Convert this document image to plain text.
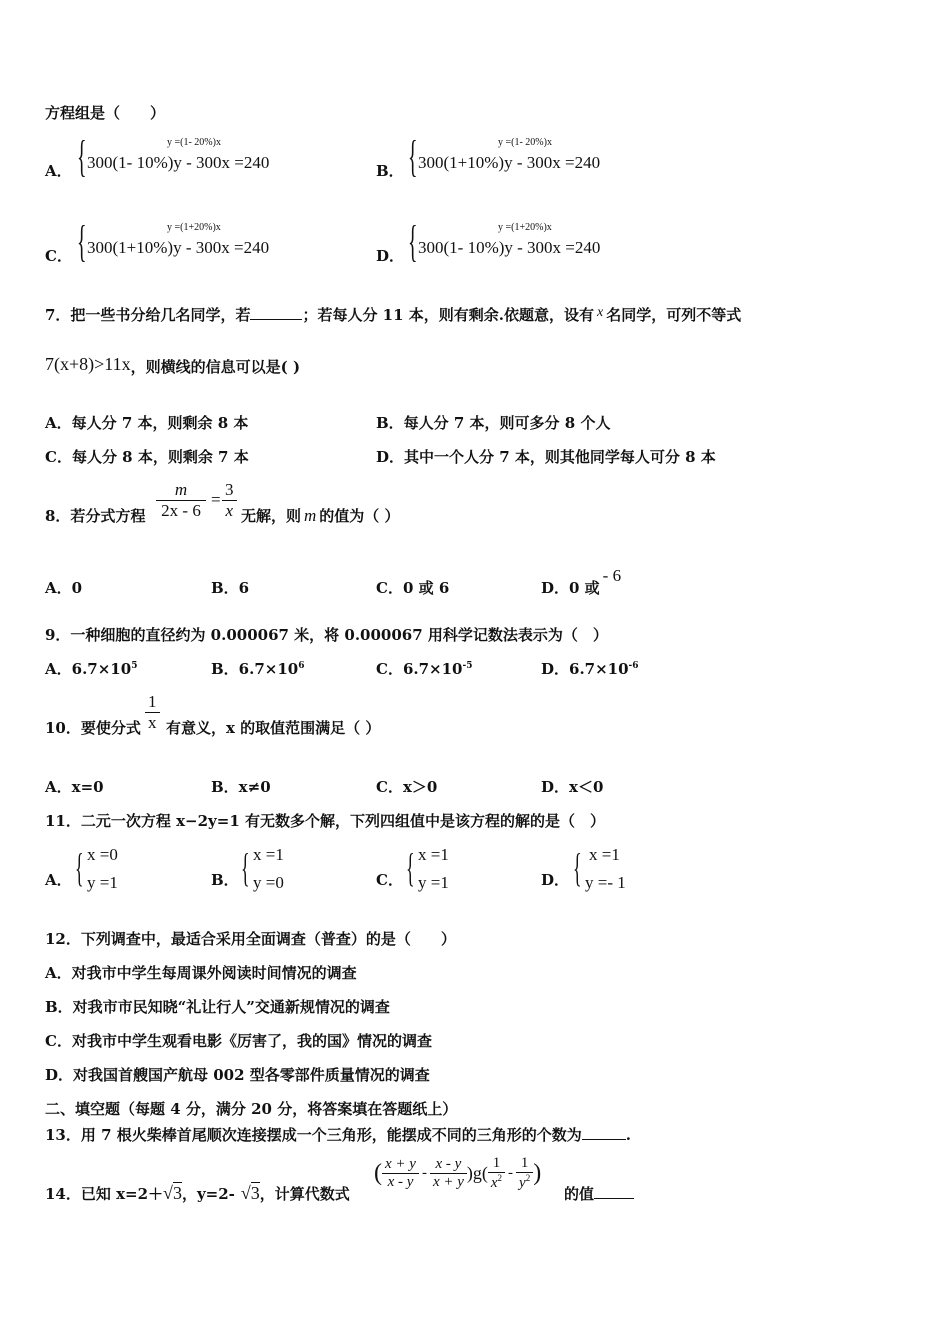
方程组是（　　）
A． {	y =(1- 20%)x
300(1- 10%)y - 300x =240	B． {	y =(1- 20%)x
300(1+10%)y - 300x =240
C． {	y =(1+20%)x
300(1+10%)y - 300x =240	D． {	y =(1+20%)x
300(1- 10%)y - 300x =240
7．把一些书分给几名同学，若	；若每人分 11 本，则有剩余.依题意，设有 x 名同学，可列不等式
7(x+8)>11x，则横线的信息可以是( )
A．每人分 7 本，则剩余 8 本	B．每人分 7 本，则可多分 8 个人
C．每人分 8 本，则剩余 7 本	D．其中一个人分 7 本，则其他同学每人可分 8 本
8．若分式方程 $\frac{m}{2x - 6} = \frac{3}{x}$ 无解，则 m 的值为（ ）
A．0	B．6	C．0 或 6	D．0 或- 6
9．一种细胞的直径约为 0.000067 米，将 0.000067 用科学记数法表示为（　）
A．$6.7\times 10^5$	B．$6.7\times 10^6$	C．$6.7\times 10^{-5}$	D．$6.7\times 10^{-6}$
10．要使分式 $\frac{1}{x}$ 有意义，x 的取值范围满足（ ）
A．x=0	B．x≠0	C．x＞0	D．x＜0
11．二元一次方程 x−2y=1 有无数多个解，下列四组值中是该方程的解的是（　）
A． { x =0
y =1	B． { x =1
y =0	C． { x =1
y =1	D． { x =1
y =- 1
12．下列调查中，最适合采用全面调查（普查）的是（　　）
A．对我市中学生每周课外阅读时间情况的调查
B．对我市市民知晓“礼让行人”交通新规情况的调查
C．对我市中学生观看电影《厉害了，我的国》情况的调查
D．对我国首艘国产航母 002 型各零部件质量情况的调查
二、填空题（每题 4 分，满分 20 分，将答案填在答题纸上）
13．用 7 根火柴棒首尾顺次连接摆成一个三角形，能摆成不同的三角形的个数为	.
14．已知 x=2＋√3，y=2- √3，计算代数式
( $\frac{x + y}{x - y} - \frac{x - y}{x + y} )g( \frac{1}{x^2} - \frac{1}{y^2}$ )
的值
